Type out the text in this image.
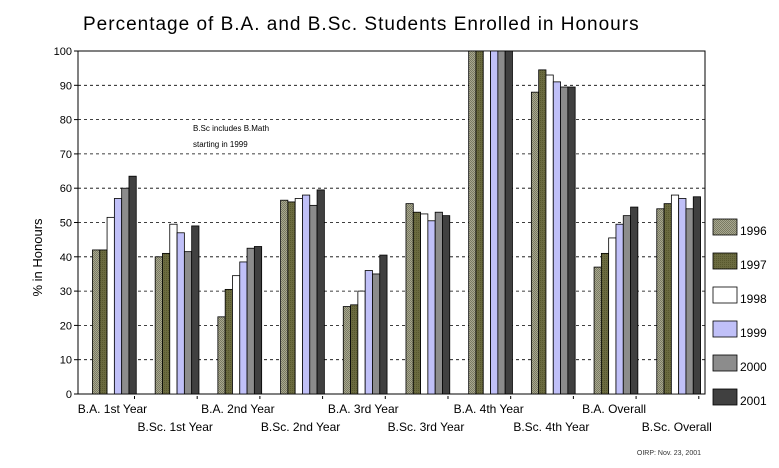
Percentage of B.A. and B.Sc. Students Enrolled in Honours
0
10
20
30
40
50
60
70
80
90
100
% in Honours
B.A. 1st Year
B.Sc. 1st Year
B.A. 2nd Year
B.Sc. 2nd Year
B.A. 3rd Year
B.Sc. 3rd Year
B.A. 4th Year
B.Sc. 4th Year
B.A. Overall
B.Sc. Overall
B.Sc includes B.Math
starting in 1999
1996
1997
1998
1999
2000
2001
OIRP: Nov. 23, 2001
